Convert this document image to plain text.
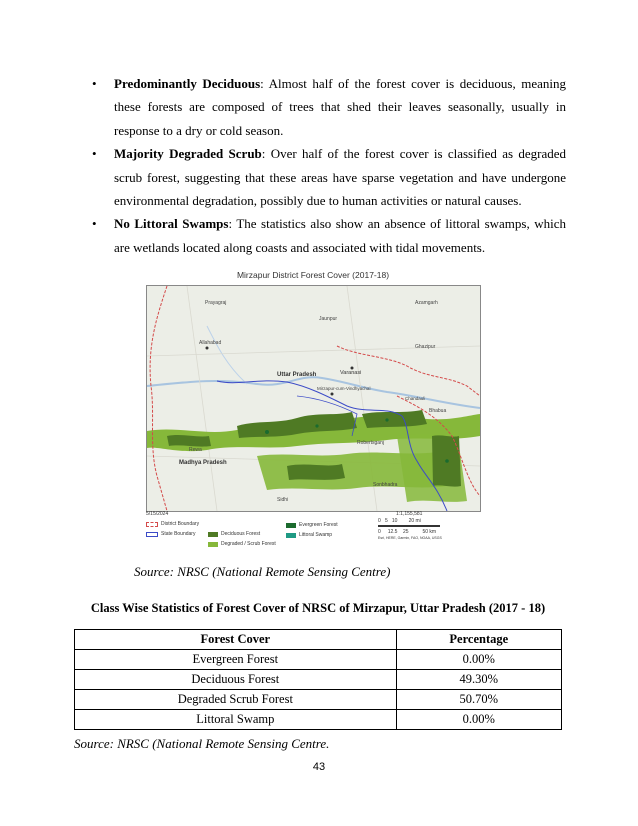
• Predominantly Deciduous: Almost half of the forest cover is deciduous, meaning these forests are composed of trees that shed their leaves seasonally, usually in response to a dry or cold season.
• Majority Degraded Scrub: Over half of the forest cover is classified as degraded scrub forest, suggesting that these areas have sparse vegetation and have undergone environmental degradation, possibly due to human activities or natural causes.
• No Littoral Swamps: The statistics also show an absence of littoral swamps, which are wetlands located along coasts and associated with tidal movements.
Mirzapur District Forest Cover (2017-18)
Prayagraj
Allahabad
Uttar Pradesh	Varanasi
Mirzapur-cum-Vindhyachal
Chandauli
Madhya Pradesh
Rewa
Jaunpur
Azamgarh
Ghazipur
Sonbhadra
Robertsganj
Bhabua
Sidhi
5/15/2024
District Boundary
State Boundary	Deciduous Forest
Degraded / Scrub Forest
Evergreen Forest
Littoral Swamp
1:1,155,581
0   5   10        20 mi
0     12.5    25          50 km
Esri, HERE, Garmin, FAO, NOAA, USGS
Source: NRSC (National Remote Sensing Centre)
Class Wise Statistics of Forest Cover of NRSC of Mirzapur, Uttar Pradesh (2017 - 18)
Forest Cover	Percentage
Evergreen Forest	0.00%
Deciduous Forest	49.30%
Degraded Scrub Forest	50.70%
Littoral Swamp	0.00%
Source: NRSC (National Remote Sensing Centre.
43
